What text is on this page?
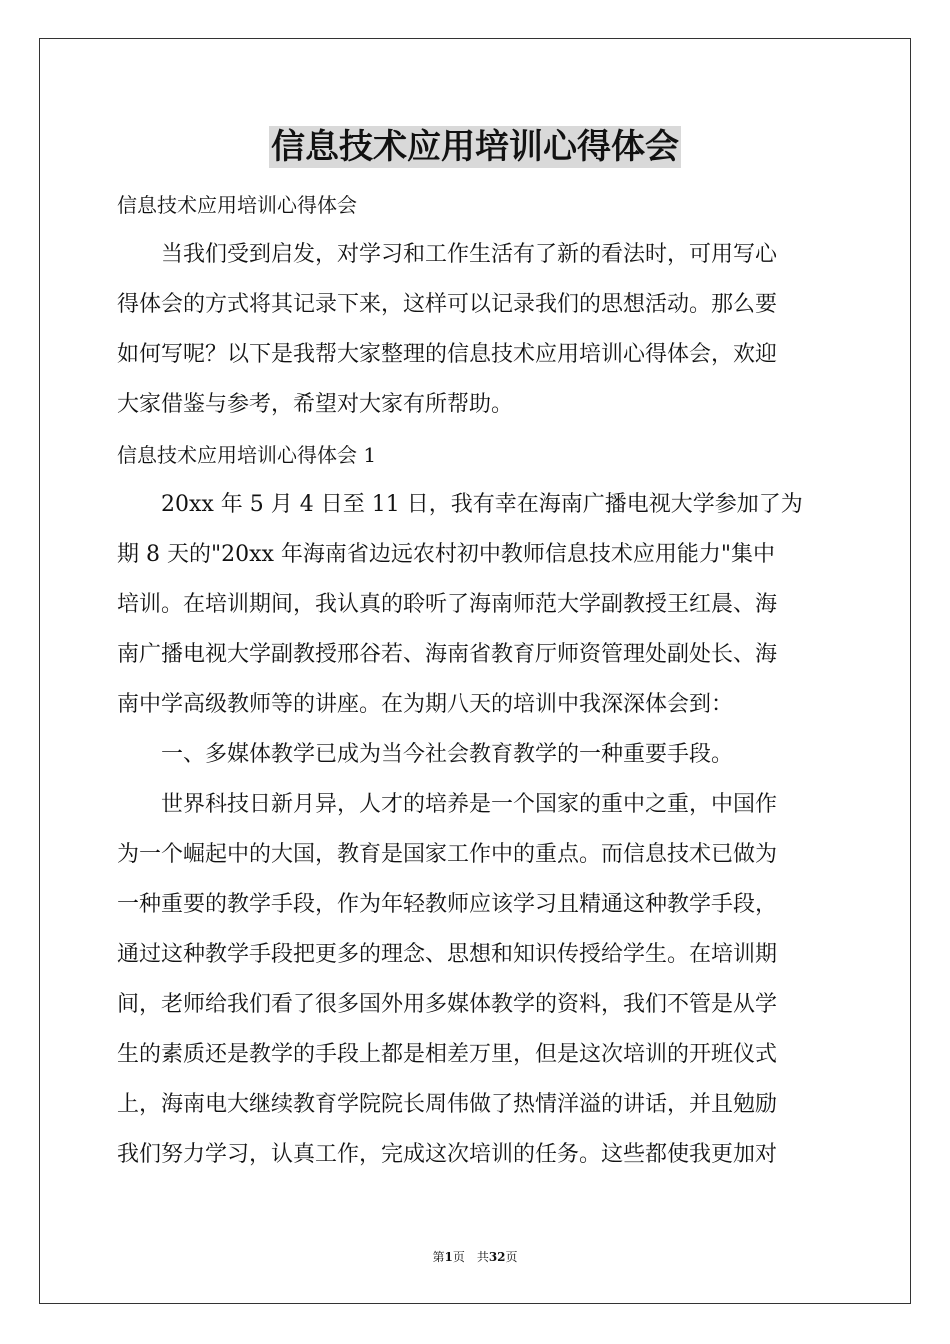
信息技术应用培训心得体会
信息技术应用培训心得体会
当我们受到启发，对学习和工作生活有了新的看法时，可用写心
得体会的方式将其记录下来，这样可以记录我们的思想活动。那么要
如何写呢？以下是我帮大家整理的信息技术应用培训心得体会，欢迎
大家借鉴与参考，希望对大家有所帮助。
信息技术应用培训心得体会 1
20xx 年 5 月 4 日至 11 日，我有幸在海南广播电视大学参加了为
期 8 天的"20xx 年海南省边远农村初中教师信息技术应用能力"集中
培训。在培训期间，我认真的聆听了海南师范大学副教授王红晨、海
南广播电视大学副教授邢谷若、海南省教育厅师资管理处副处长、海
南中学高级教师等的讲座。在为期八天的培训中我深深体会到：
一、多媒体教学已成为当今社会教育教学的一种重要手段。
世界科技日新月异，人才的培养是一个国家的重中之重，中国作
为一个崛起中的大国，教育是国家工作中的重点。而信息技术已做为
一种重要的教学手段，作为年轻教师应该学习且精通这种教学手段，
通过这种教学手段把更多的理念、思想和知识传授给学生。在培训期
间，老师给我们看了很多国外用多媒体教学的资料，我们不管是从学
生的素质还是教学的手段上都是相差万里，但是这次培训的开班仪式
上，海南电大继续教育学院院长周伟做了热情洋溢的讲话，并且勉励
我们努力学习，认真工作，完成这次培训的任务。这些都使我更加对
第1页　共32页
